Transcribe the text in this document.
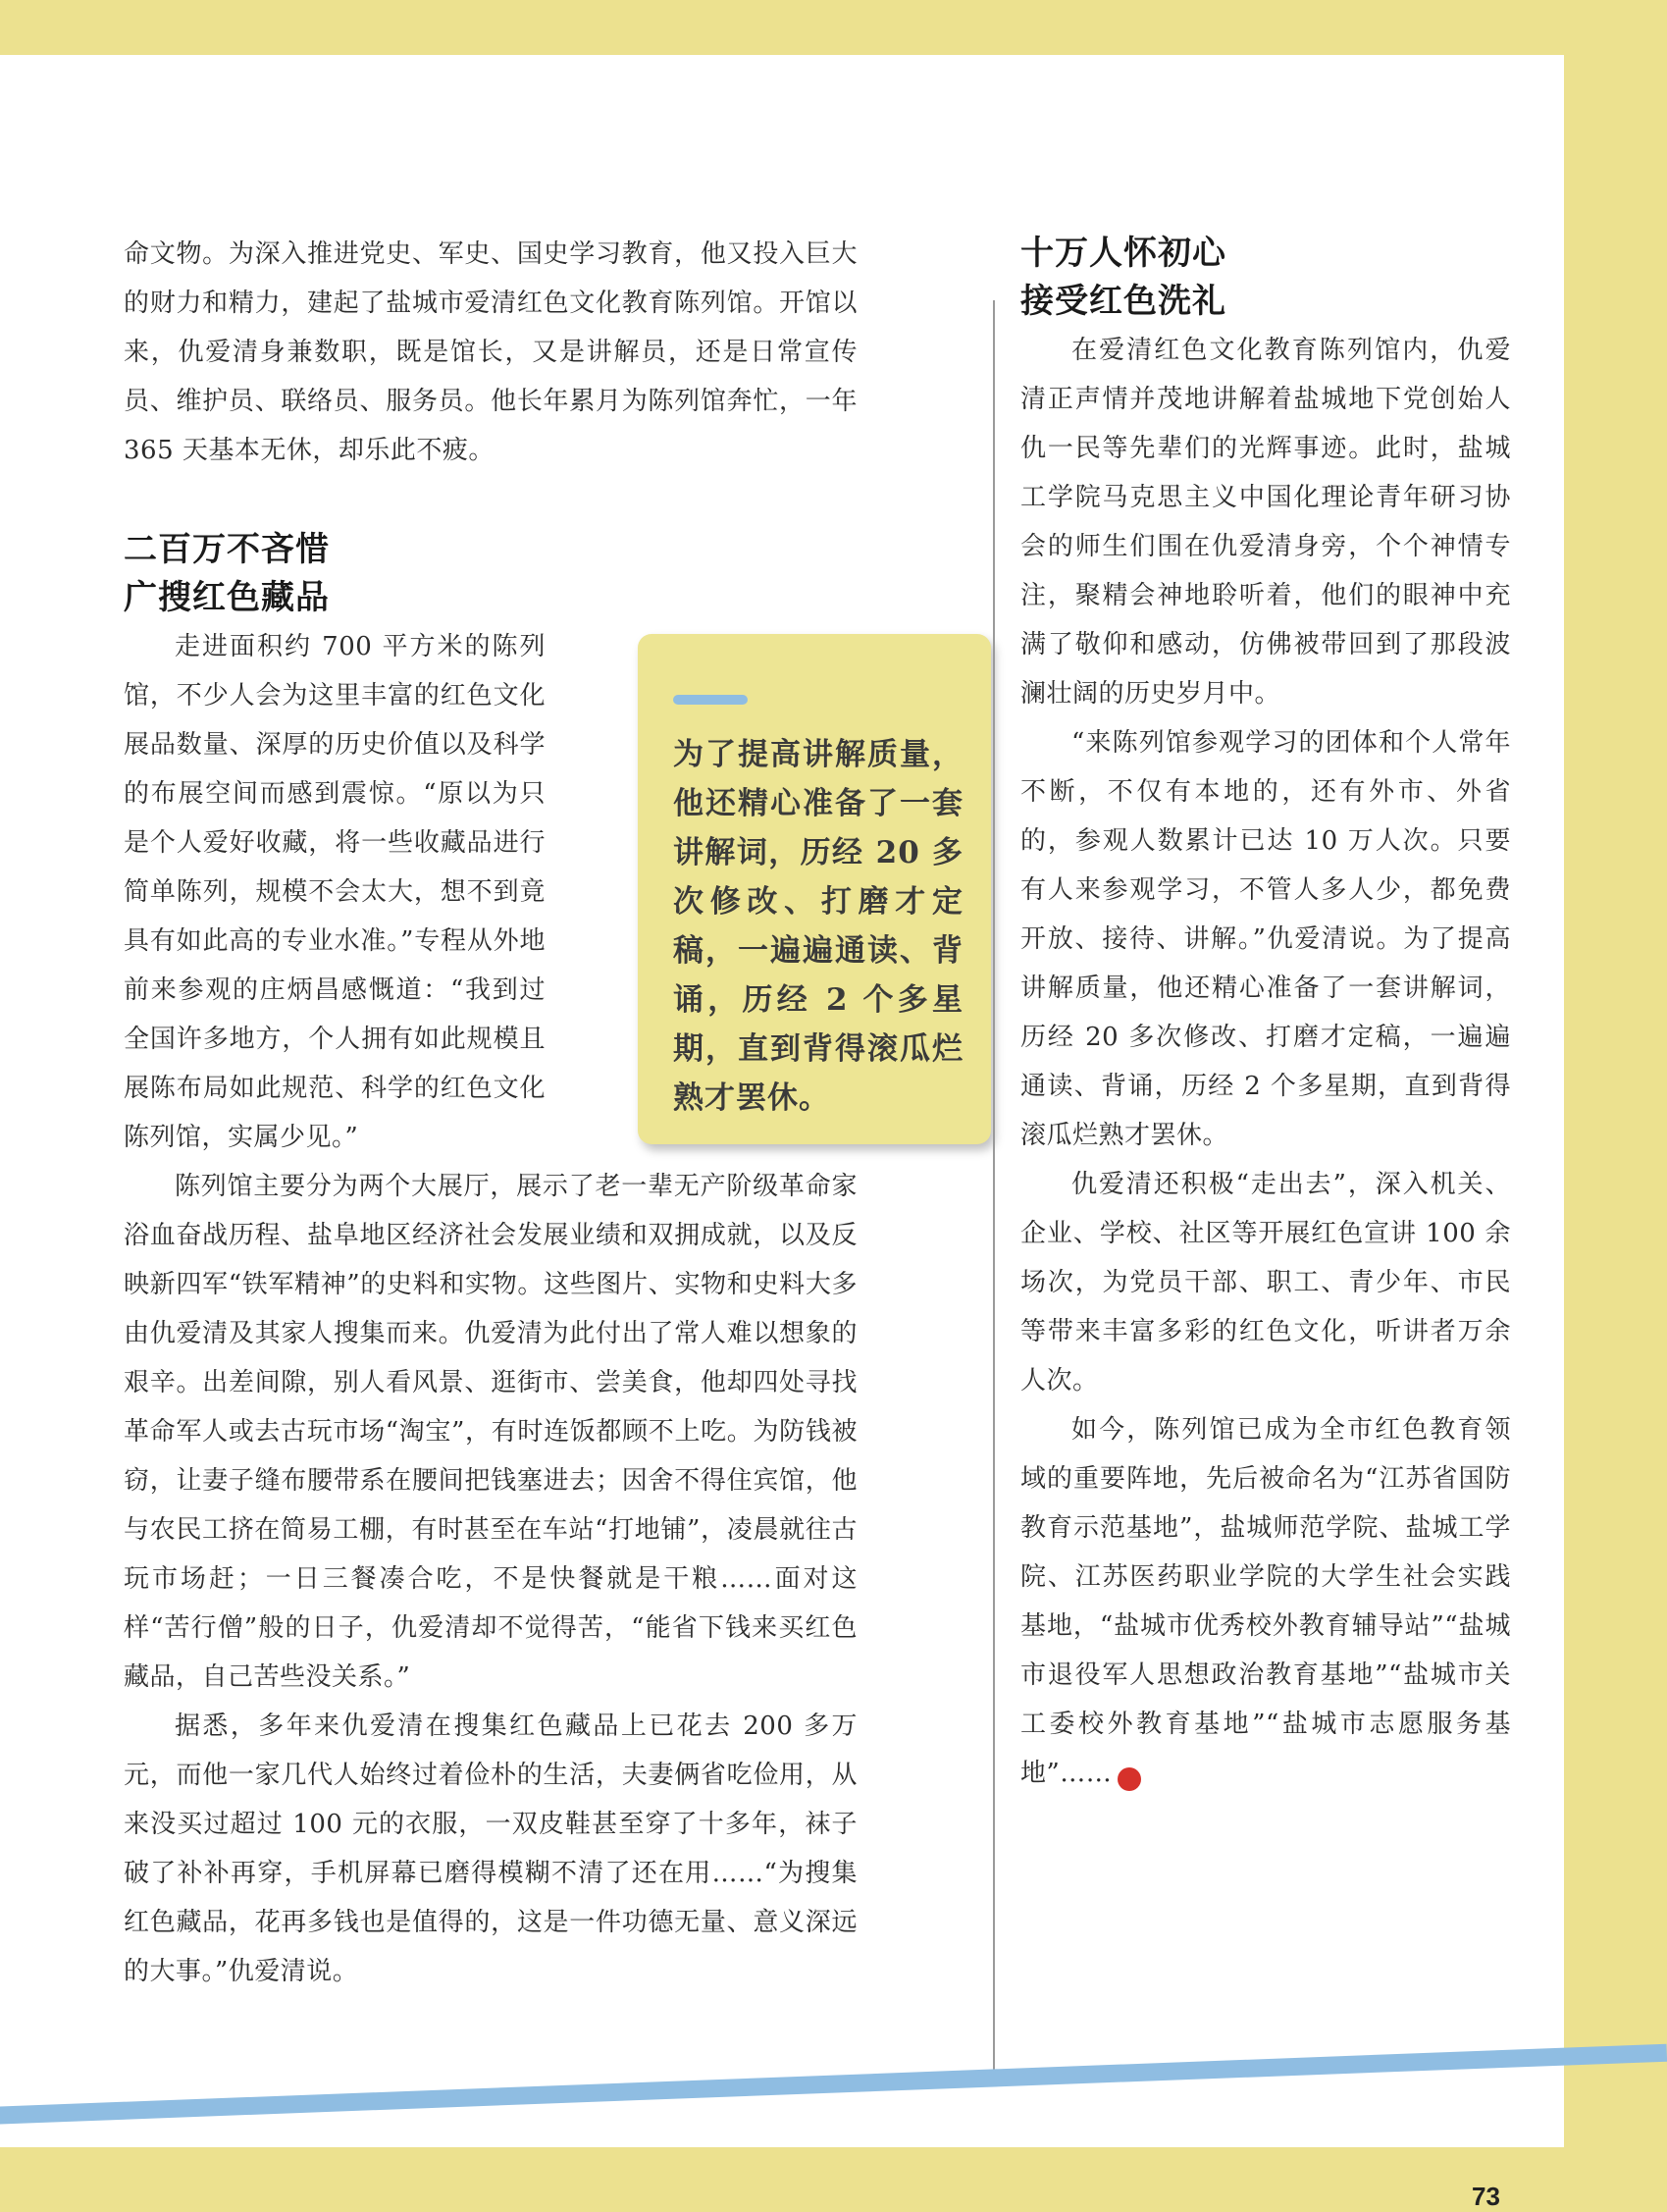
命文物。为深入推进党史、军史、国史学习教育，他又投入巨大的财力和精力，建起了盐城市爱清红色文化教育陈列馆。开馆以来，仇爱清身兼数职，既是馆长，又是讲解员，还是日常宣传员、维护员、联络员、服务员。他长年累月为陈列馆奔忙，一年 365 天基本无休，却乐此不疲。

二百万不吝惜
广搜红色藏品

走进面积约 700 平方米的陈列馆，不少人会为这里丰富的红色文化展品数量、深厚的历史价值以及科学的布展空间而感到震惊。“原以为只是个人爱好收藏，将一些收藏品进行简单陈列，规模不会太大，想不到竟具有如此高的专业水准。”专程从外地前来参观的庄炳昌感慨道：“我到过全国许多地方，个人拥有如此规模且展陈布局如此规范、科学的红色文化陈列馆，实属少见。”

陈列馆主要分为两个大展厅，展示了老一辈无产阶级革命家浴血奋战历程、盐阜地区经济社会发展业绩和双拥成就，以及反映新四军“铁军精神”的史料和实物。这些图片、实物和史料大多由仇爱清及其家人搜集而来。仇爱清为此付出了常人难以想象的艰辛。出差间隙，别人看风景、逛街市、尝美食，他却四处寻找革命军人或去古玩市场“淘宝”，有时连饭都顾不上吃。为防钱被窃，让妻子缝布腰带系在腰间把钱塞进去；因舍不得住宾馆，他与农民工挤在简易工棚，有时甚至在车站“打地铺”，凌晨就往古玩市场赶；一日三餐凑合吃，不是快餐就是干粮……面对这样“苦行僧”般的日子，仇爱清却不觉得苦，“能省下钱来买红色藏品，自己苦些没关系。”

据悉，多年来仇爱清在搜集红色藏品上已花去 200 多万元，而他一家几代人始终过着俭朴的生活，夫妻俩省吃俭用，从来没买过超过 100 元的衣服，一双皮鞋甚至穿了十多年，袜子破了补补再穿，手机屏幕已磨得模糊不清了还在用……“为搜集红色藏品，花再多钱也是值得的，这是一件功德无量、意义深远的大事。”仇爱清说。

为了提高讲解质量，他还精心准备了一套讲解词，历经 20 多次修改、打磨才定稿，一遍遍通读、背诵，历经 2 个多星期，直到背得滚瓜烂熟才罢休。
十万人怀初心
接受红色洗礼

在爱清红色文化教育陈列馆内，仇爱清正声情并茂地讲解着盐城地下党创始人仇一民等先辈们的光辉事迹。此时，盐城工学院马克思主义中国化理论青年研习协会的师生们围在仇爱清身旁，个个神情专注，聚精会神地聆听着，他们的眼神中充满了敬仰和感动，仿佛被带回到了那段波澜壮阔的历史岁月中。

“来陈列馆参观学习的团体和个人常年不断，不仅有本地的，还有外市、外省的，参观人数累计已达 10 万人次。只要有人来参观学习，不管人多人少，都免费开放、接待、讲解。”仇爱清说。为了提高讲解质量，他还精心准备了一套讲解词，历经 20 多次修改、打磨才定稿，一遍遍通读、背诵，历经 2 个多星期，直到背得滚瓜烂熟才罢休。

仇爱清还积极“走出去”，深入机关、企业、学校、社区等开展红色宣讲 100 余场次，为党员干部、职工、青少年、市民等带来丰富多彩的红色文化，听讲者万余人次。

如今，陈列馆已成为全市红色教育领域的重要阵地，先后被命名为“江苏省国防教育示范基地”，盐城师范学院、盐城工学院、江苏医药职业学院的大学生社会实践基地，“盐城市优秀校外教育辅导站”“盐城市退役军人思想政治教育基地”“盐城市关工委校外教育基地”“盐城市志愿服务基地”……	N

73
